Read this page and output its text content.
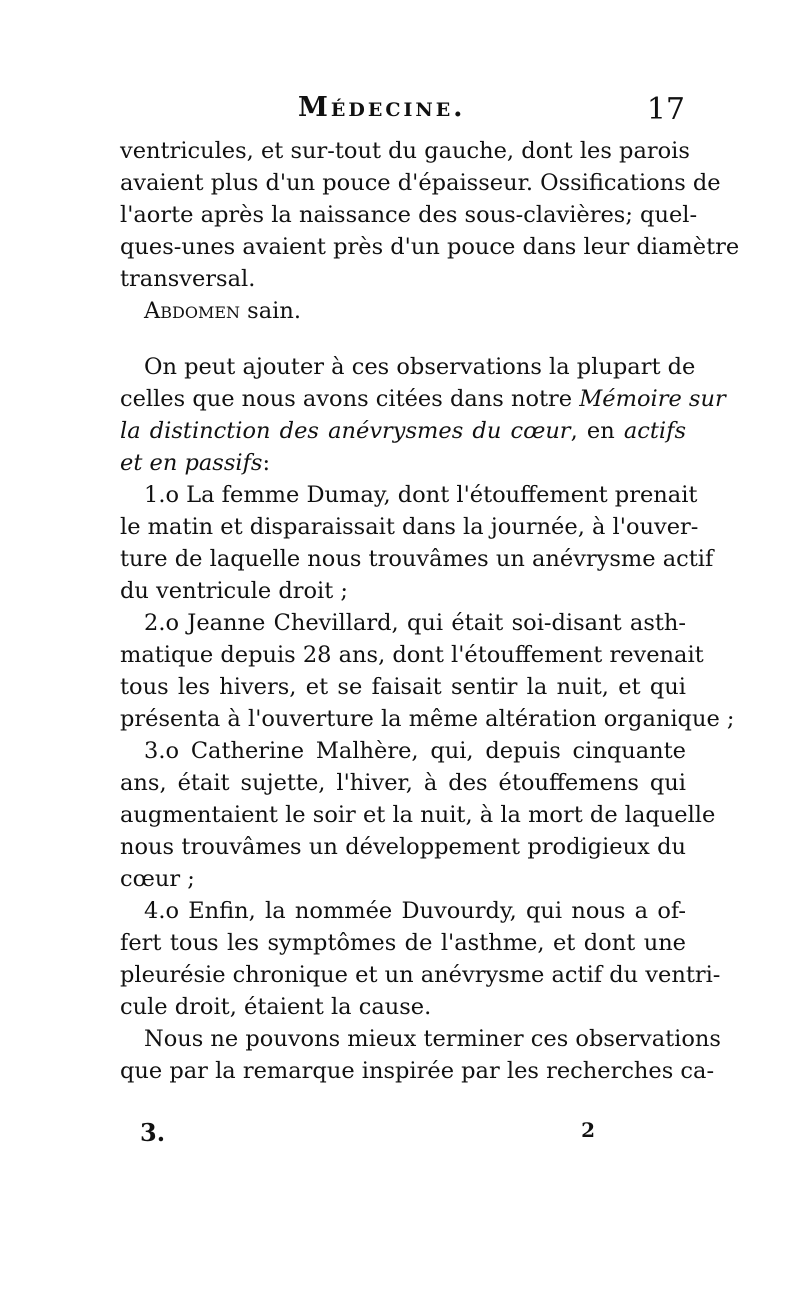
Médecine.	17
ventricules, et sur-tout du gauche, dont les parois
avaient plus d'un pouce d'épaisseur. Ossifications de
l'aorte après la naissance des sous-clavières; quel-
ques-unes avaient près d'un pouce dans leur diamètre
transversal.
Abdomen sain.
On peut ajouter à ces observations la plupart de
celles que nous avons citées dans notre Mémoire sur
la distinction des anévrysmes du cœur, en actifs
et en passifs:
1.o La femme Dumay, dont l'étouffement prenait
le matin et disparaissait dans la journée, à l'ouver-
ture de laquelle nous trouvâmes un anévrysme actif
du ventricule droit ;
2.o Jeanne Chevillard, qui était soi-disant asth-
matique depuis 28 ans, dont l'étouffement revenait
tous les hivers, et se faisait sentir la nuit, et qui
présenta à l'ouverture la même altération organique ;
3.o Catherine Malhère, qui, depuis cinquante
ans, était sujette, l'hiver, à des étouffemens qui
augmentaient le soir et la nuit, à la mort de laquelle
nous trouvâmes un développement prodigieux du
cœur ;
4.o Enfin, la nommée Duvourdy, qui nous a of-
fert tous les symptômes de l'asthme, et dont une
pleurésie chronique et un anévrysme actif du ventri-
cule droit, étaient la cause.
Nous ne pouvons mieux terminer ces observations
que par la remarque inspirée par les recherches ca-
3.	2
